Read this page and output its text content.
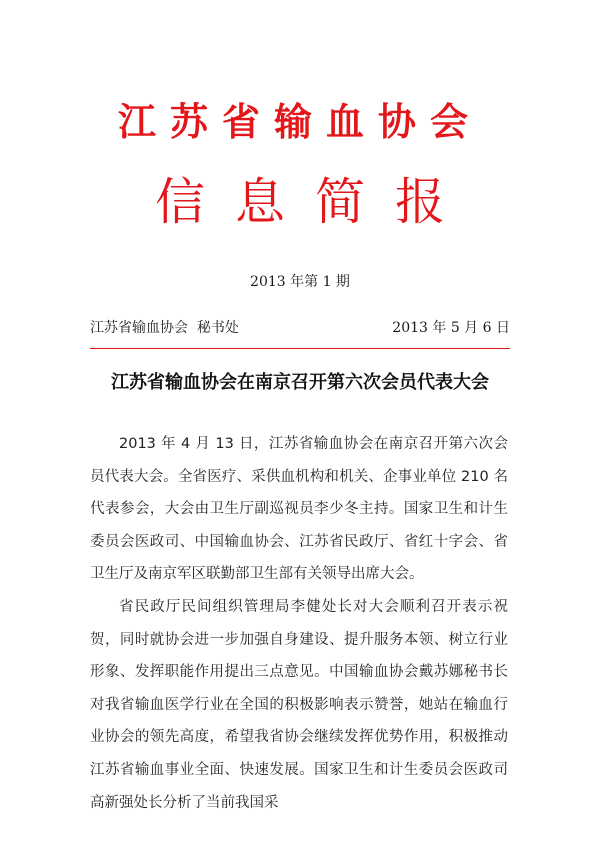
江苏省输血协会
信息简报
2013 年第 1 期
江苏省输血协会  秘书处	2013 年 5 月 6 日
江苏省输血协会在南京召开第六次会员代表大会

2013 年 4 月 13 日，江苏省输血协会在南京召开第六次会员代表大会。全省医疗、采供血机构和机关、企事业单位 210 名代表参会，大会由卫生厅副巡视员李少冬主持。国家卫生和计生委员会医政司、中国输血协会、江苏省民政厅、省红十字会、省卫生厅及南京军区联勤部卫生部有关领导出席大会。

省民政厅民间组织管理局李健处长对大会顺利召开表示祝贺，同时就协会进一步加强自身建设、提升服务本领、树立行业形象、发挥职能作用提出三点意见。中国输血协会戴苏娜秘书长对我省输血医学行业在全国的积极影响表示赞誉，她站在输血行业协会的领先高度，希望我省协会继续发挥优势作用，积极推动江苏省输血事业全面、快速发展。国家卫生和计生委员会医政司高新强处长分析了当前我国采
